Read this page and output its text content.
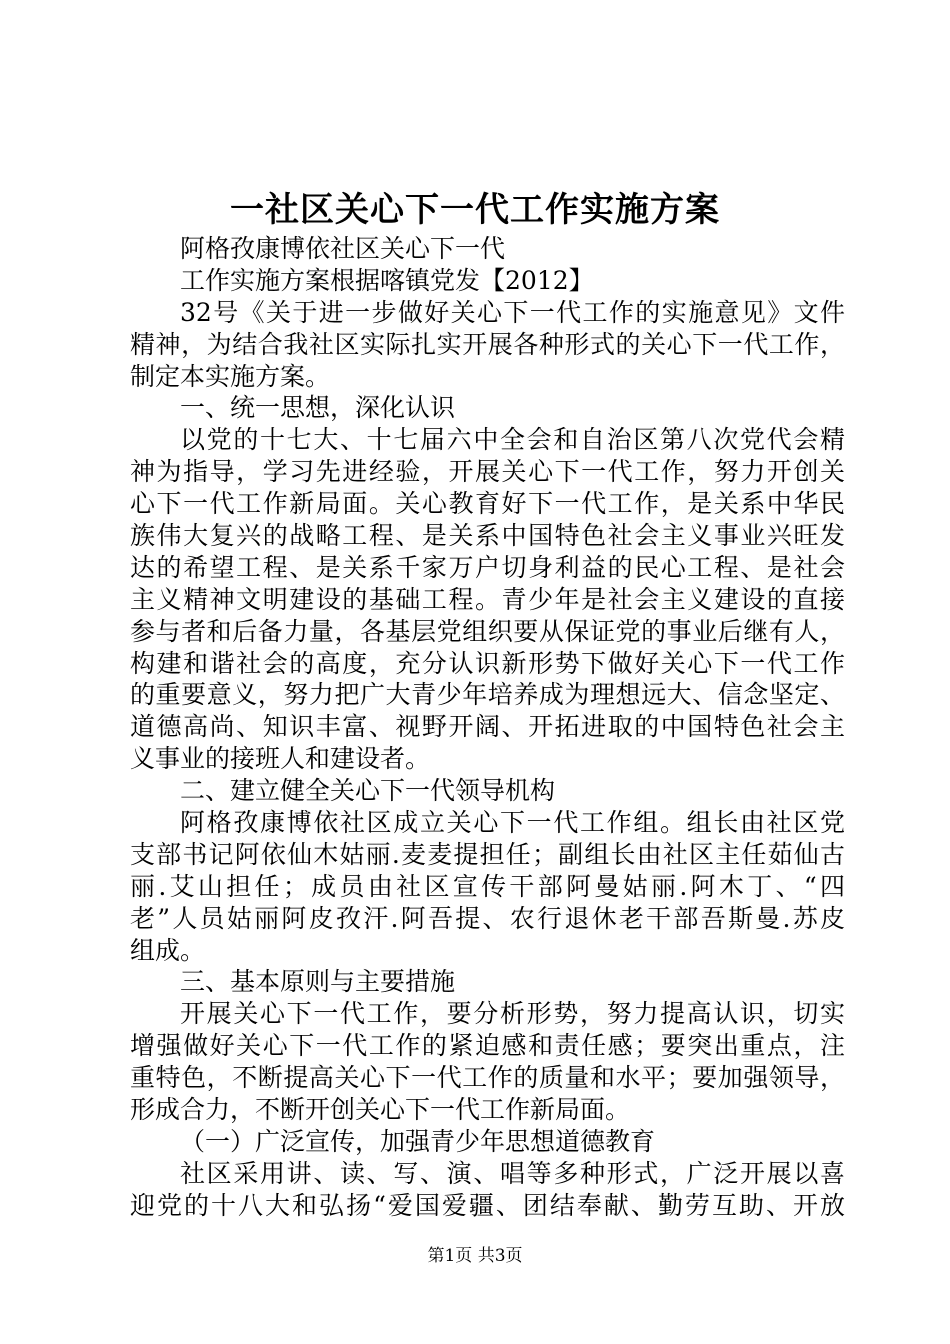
一社区关心下一代工作实施方案
阿格孜康博依社区关心下一代
工作实施方案根据喀镇党发【2012】
32号《关于进一步做好关心下一代工作的实施意见》文件
精神，为结合我社区实际扎实开展各种形式的关心下一代工作，
制定本实施方案。
一、统一思想，深化认识
以党的十七大、十七届六中全会和自治区第八次党代会精
神为指导，学习先进经验，开展关心下一代工作，努力开创关
心下一代工作新局面。关心教育好下一代工作，是关系中华民
族伟大复兴的战略工程、是关系中国特色社会主义事业兴旺发
达的希望工程、是关系千家万户切身利益的民心工程、是社会
主义精神文明建设的基础工程。青少年是社会主义建设的直接
参与者和后备力量，各基层党组织要从保证党的事业后继有人，
构建和谐社会的高度，充分认识新形势下做好关心下一代工作
的重要意义，努力把广大青少年培养成为理想远大、信念坚定、
道德高尚、知识丰富、视野开阔、开拓进取的中国特色社会主
义事业的接班人和建设者。
二、建立健全关心下一代领导机构
阿格孜康博依社区成立关心下一代工作组。组长由社区党
支部书记阿依仙木姑丽.麦麦提担任；副组长由社区主任茹仙古
丽.艾山担任；成员由社区宣传干部阿曼姑丽.阿木丁、“四
老”人员姑丽阿皮孜汗.阿吾提、农行退休老干部吾斯曼.苏皮
组成。
三、基本原则与主要措施
开展关心下一代工作，要分析形势，努力提高认识，切实
增强做好关心下一代工作的紧迫感和责任感；要突出重点，注
重特色，不断提高关心下一代工作的质量和水平；要加强领导，
形成合力，不断开创关心下一代工作新局面。
（一）广泛宣传，加强青少年思想道德教育
社区采用讲、读、写、演、唱等多种形式，广泛开展以喜
迎党的十八大和弘扬“爱国爱疆、团结奉献、勤劳互助、开放
第1页 共3页
